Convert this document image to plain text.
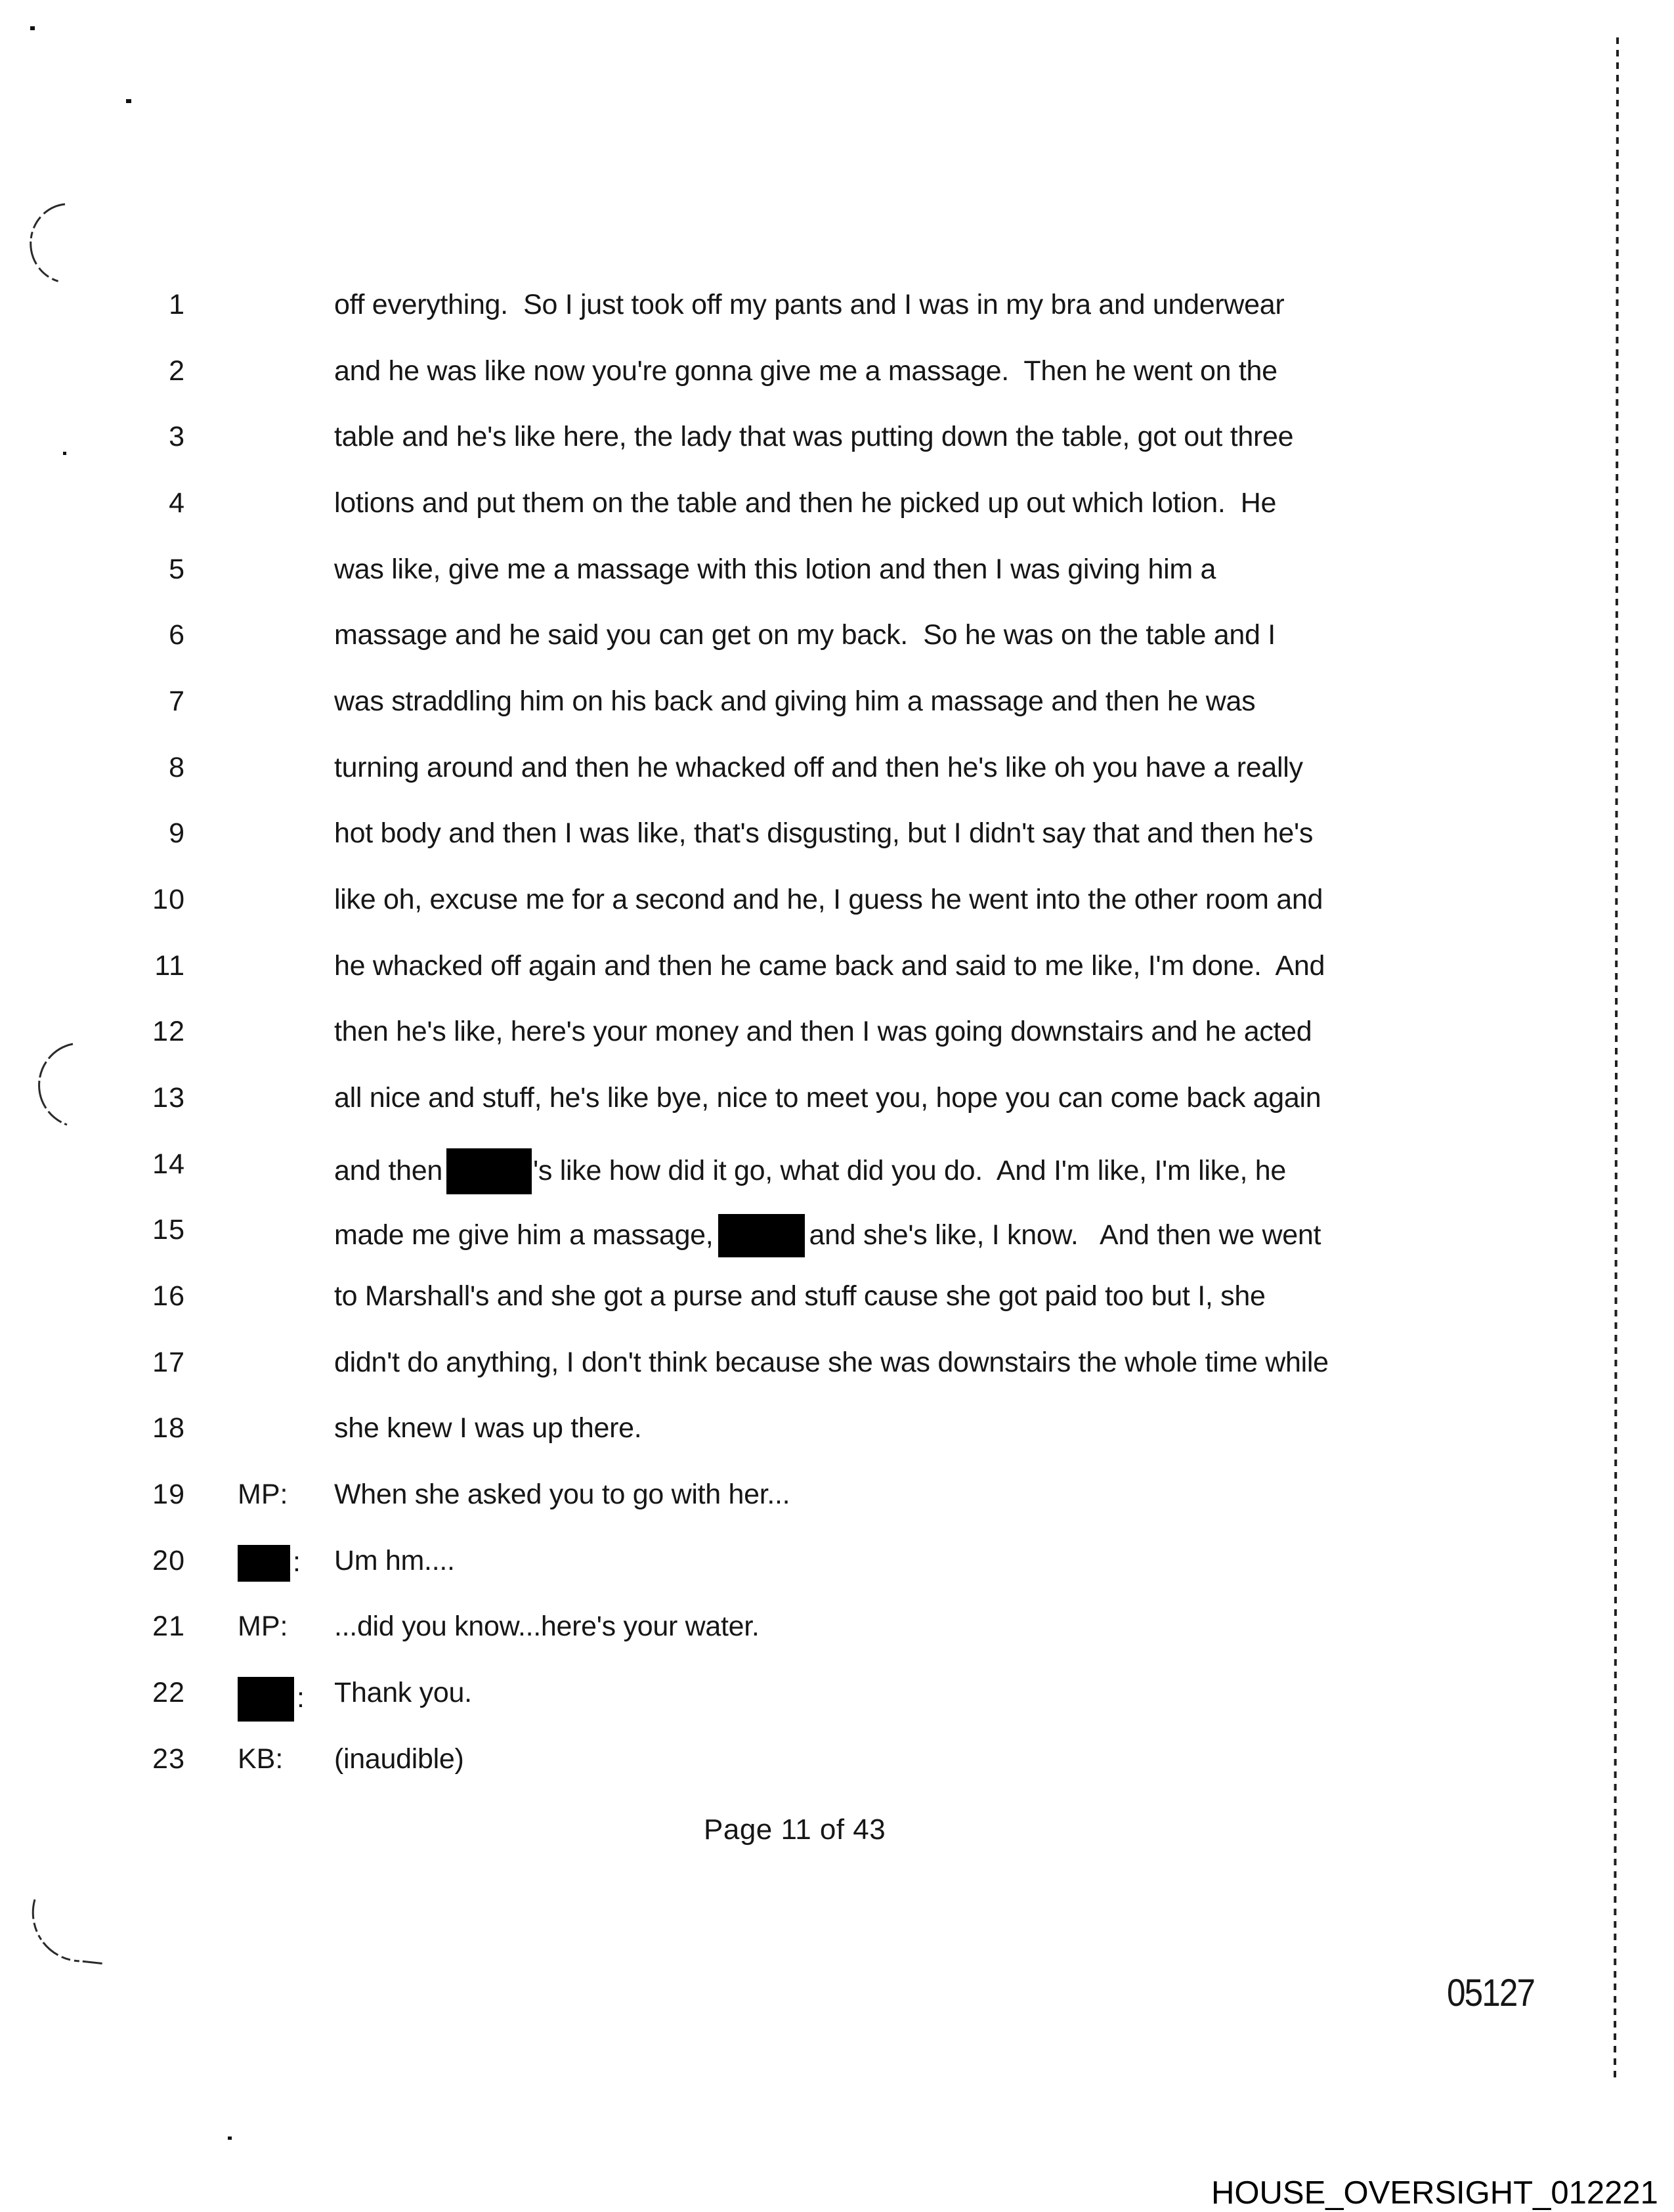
1	off everything.  So I just took off my pants and I was in my bra and underwear
2	and he was like now you're gonna give me a massage.  Then he went on the
3	table and he's like here, the lady that was putting down the table, got out three
4	lotions and put them on the table and then he picked up out which lotion.  He
5	was like, give me a massage with this lotion and then I was giving him a
6	massage and he said you can get on my back.  So he was on the table and I
7	was straddling him on his back and giving him a massage and then he was
8	turning around and then he whacked off and then he's like oh you have a really
9	hot body and then I was like, that's disgusting, but I didn't say that and then he's
10	like oh, excuse me for a second and he, I guess he went into the other room and
11	he whacked off again and then he came back and said to me like, I'm done.  And
12	then he's like, here's your money and then I was going downstairs and he acted
13	all nice and stuff, he's like bye, nice to meet you, hope you can come back again
14	and then	's like how did it go, what did you do.  And I'm like, I'm like, he
15	made me give him a massage,	and she's like, I know.   And then we went
16	to Marshall's and she got a purse and stuff cause she got paid too but I, she
17	didn't do anything, I don't think because she was downstairs the whole time while
18	she knew I was up there.
19 MP:	When she asked you to go with her...
20	:	Um hm....
21 MP:	...did you know...here's your water.
22	:	Thank you.
23 KB:	(inaudible)
Page 11 of 43
05127
HOUSE_OVERSIGHT_012221
